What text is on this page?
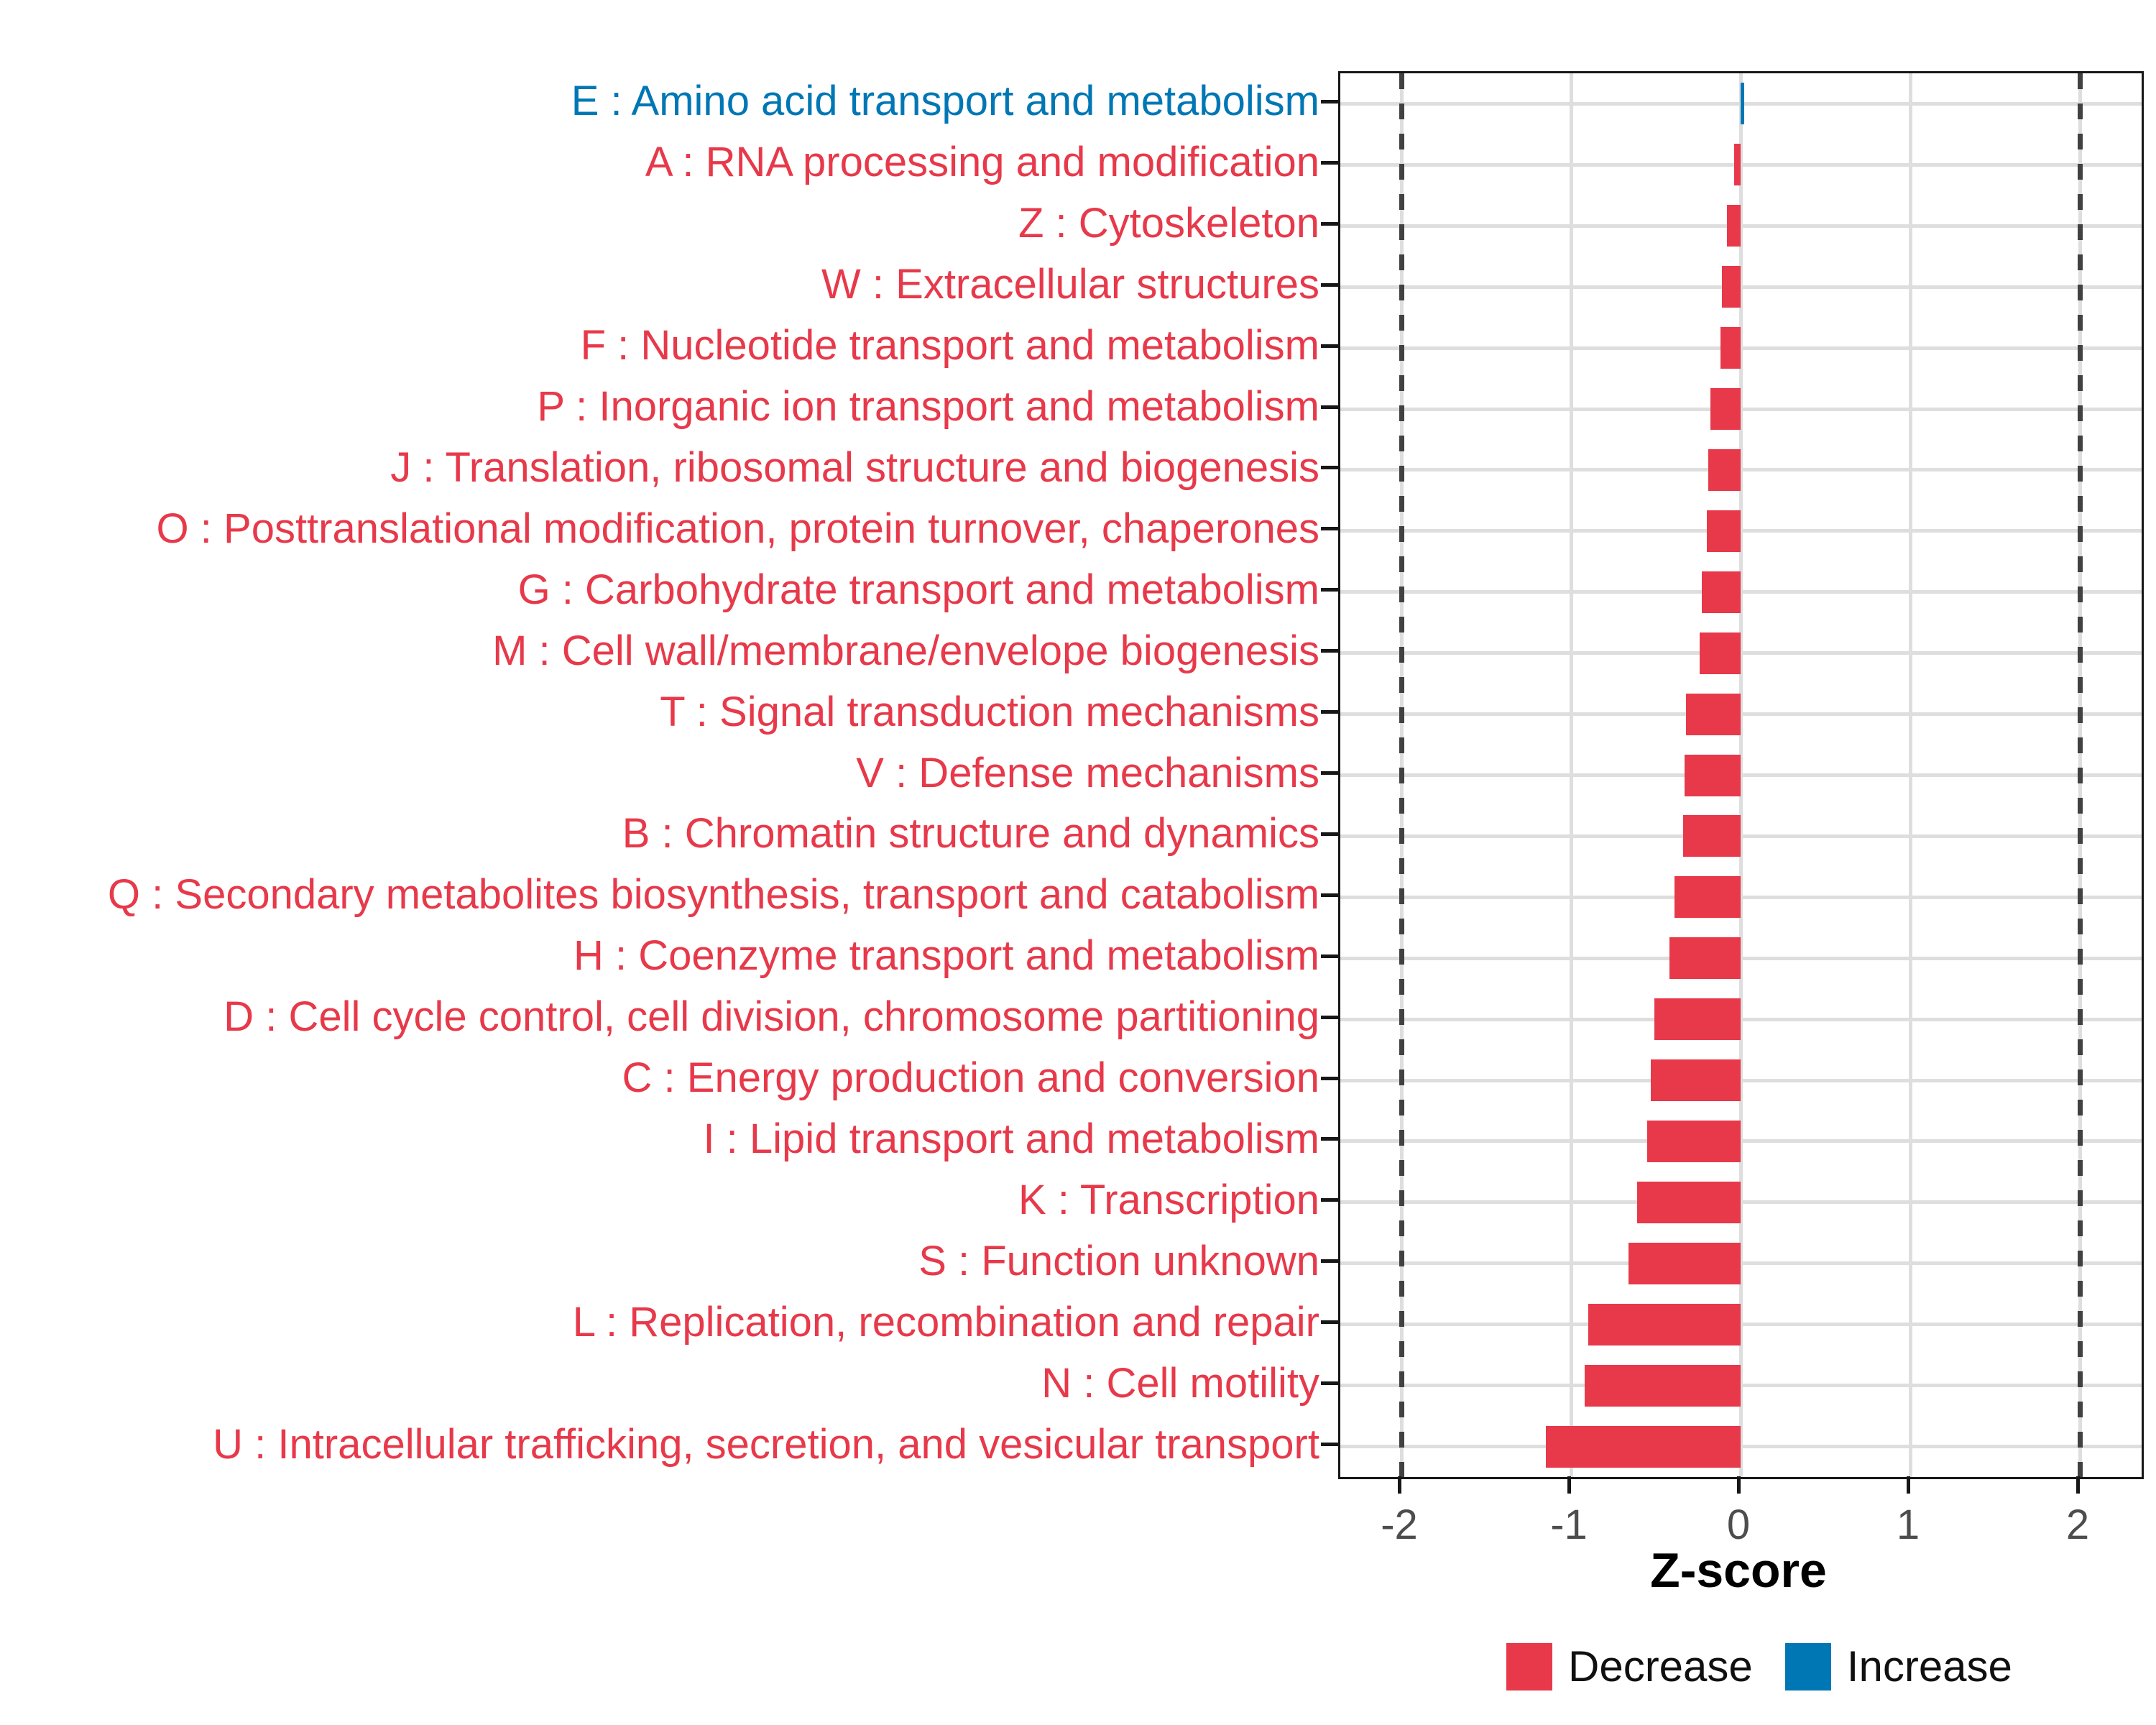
E : Amino acid transport and metabolism
A : RNA processing and modification
Z : Cytoskeleton
W : Extracellular structures
F : Nucleotide transport and metabolism
P : Inorganic ion transport and metabolism
J : Translation, ribosomal structure and biogenesis
O : Posttranslational modification, protein turnover, chaperones
G : Carbohydrate transport and metabolism
M : Cell wall/membrane/envelope biogenesis
T : Signal transduction mechanisms
V : Defense mechanisms
B : Chromatin structure and dynamics
Q : Secondary metabolites biosynthesis, transport and catabolism
H : Coenzyme transport and metabolism
D : Cell cycle control, cell division, chromosome partitioning
C : Energy production and conversion
I : Lipid transport and metabolism
K : Transcription
S : Function unknown
L : Replication, recombination and repair
N : Cell motility
U : Intracellular trafficking, secretion, and vesicular transport
-2	-1	0	1	2
Z-score
Decrease Increase
